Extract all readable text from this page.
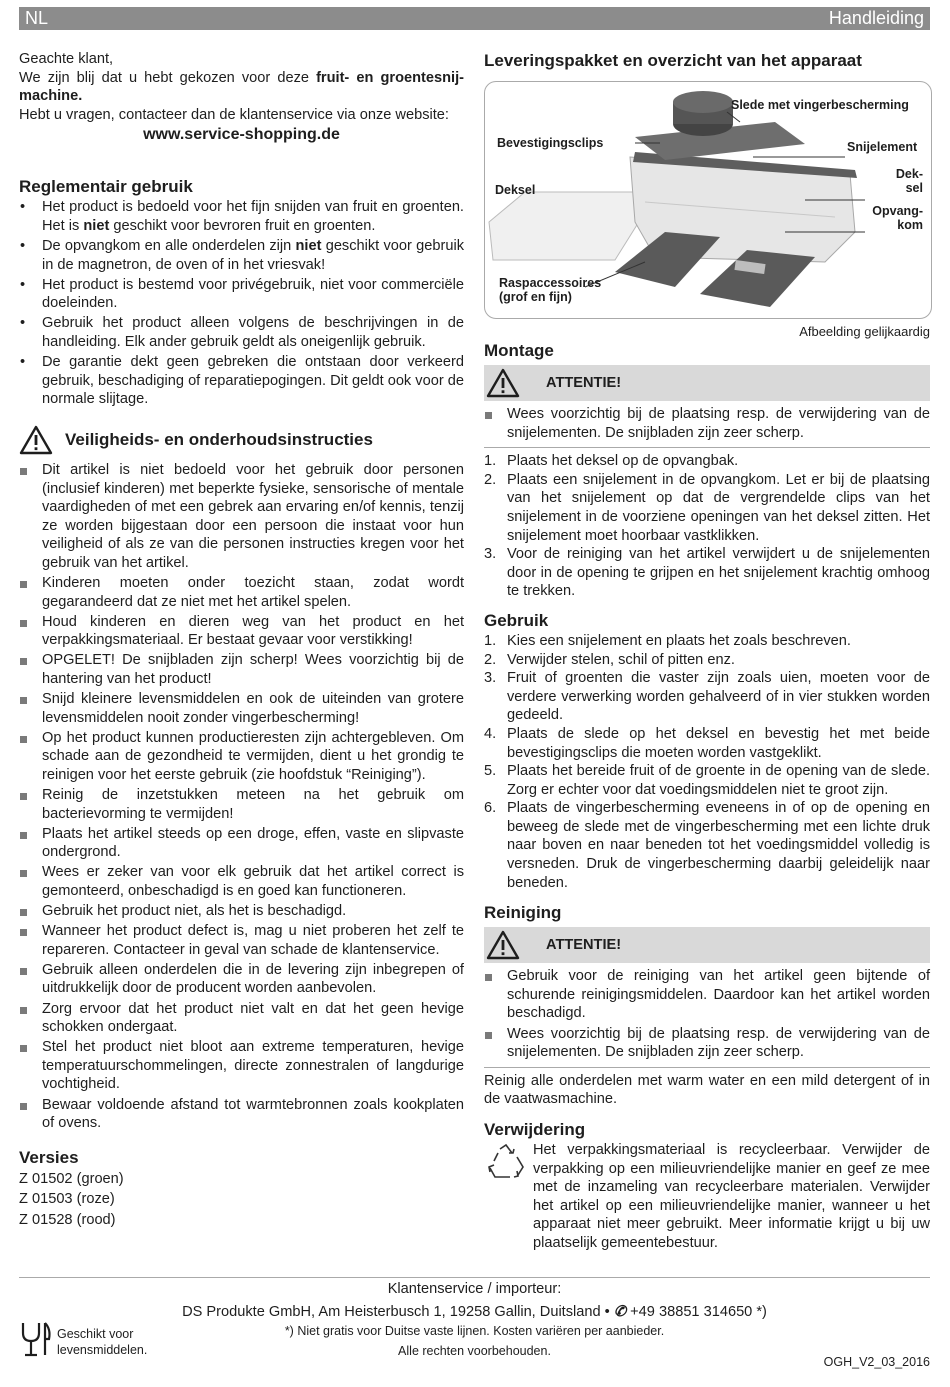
NL	Handleiding

Geachte klant,

We zijn blij dat u hebt gekozen voor deze fruit- en groentesnij-machine.

Hebt u vragen, contacteer dan de klantenservice via onze website:

www.service-shopping.de

Reglementair gebruik
• Het product is bedoeld voor het fijn snijden van fruit en groenten. Het is niet geschikt voor bevroren fruit en groenten.
• De opvangkom en alle onderdelen zijn niet geschikt voor gebruik in de magnetron, de oven of in het vriesvak!
• Het product is bestemd voor privégebruik, niet voor commerciële doeleinden.
• Gebruik het product alleen volgens de beschrijvingen in de handleiding. Elk ander gebruik geldt als oneigenlijk gebruik.
• De garantie dekt geen gebreken die ontstaan door verkeerd gebruik, beschadiging of reparatiepogingen. Dit geldt ook voor de normale slijtage.
Veiligheids- en onderhoudsinstructies
Dit artikel is niet bedoeld voor het gebruik door personen (inclusief kinderen) met beperkte fysieke, sensorische of mentale vaardigheden of met een gebrek aan ervaring en/of kennis, tenzij ze worden bijgestaan door een persoon die instaat voor hun veiligheid of als ze van die personen instructies kregen voor het gebruik van het artikel.
Kinderen moeten onder toezicht staan, zodat wordt gegarandeerd dat ze niet met het artikel spelen.
Houd kinderen en dieren weg van het product en het verpakkingsmateriaal. Er bestaat gevaar voor verstikking!
OPGELET! De snijbladen zijn scherp! Wees voorzichtig bij de hantering van het product!
Snijd kleinere levensmiddelen en ook de uiteinden van grotere levensmiddelen nooit zonder vingerbescherming!
Op het product kunnen productieresten zijn achtergebleven. Om schade aan de gezondheid te vermijden, dient u het grondig te reinigen voor het eerste gebruik (zie hoofdstuk “Reiniging”).
Reinig de inzetstukken meteen na het gebruik om bacterievorming te vermijden!
Plaats het artikel steeds op een droge, effen, vaste en slipvaste ondergrond.
Wees er zeker van voor elk gebruik dat het artikel correct is gemonteerd, onbeschadigd is en goed kan functioneren.
Gebruik het product niet, als het is beschadigd.
Wanneer het product defect is, mag u niet proberen het zelf te repareren. Contacteer in geval van schade de klantenservice.
Gebruik alleen onderdelen die in de levering zijn inbegrepen of uitdrukkelijk door de producent worden aanbevolen.
Zorg ervoor dat het product niet valt en dat het geen hevige schokken ondergaat.
Stel het product niet bloot aan extreme temperaturen, hevige temperatuurschommelingen, directe zonnestralen of langdurige vochtigheid.
Bewaar voldoende afstand tot warmtebronnen zoals kookplaten of ovens.
Versies

Z 01502 (groen)

Z 01503 (roze)

Z 01528 (rood)

Leveringspakket en overzicht van het apparaat
Slede met vingerbescherming
Bevestigingsclips	Snijelement
Deksel
Dek-
sel
Opvang-
kom
Raspaccessoires
(grof en fijn)
Afbeelding gelijkaardig
Montage
ATTENTIE!
Wees voorzichtig bij de plaatsing resp. de verwijdering van de snijelementen. De snijbladen zijn zeer scherp.
1. Plaats het deksel op de opvangbak.
2. Plaats een snijelement in de opvangkom. Let er bij de plaatsing van het snijelement op dat de vergrendelde clips van het snijelement in de voorziene openingen van het deksel zitten. Het snijelement moet hoorbaar vastklikken.
3. Voor de reiniging van het artikel verwijdert u de snijelementen door in de opening te grijpen en het snijelement krachtig omhoog te trekken.
Gebruik
1. Kies een snijelement en plaats het zoals beschreven.
2. Verwijder stelen, schil of pitten enz.
3. Fruit of groenten die vaster zijn zoals uien, moeten voor de verdere verwerking worden gehalveerd of in vier stukken worden gedeeld.
4. Plaats de slede op het deksel en bevestig het met beide bevestigingsclips die moeten worden vastgeklikt.
5. Plaats het bereide fruit of de groente in de opening van de slede. Zorg er echter voor dat voedingsmiddelen niet te groot zijn.
6. Plaats de vingerbescherming eveneens in of op de opening en beweeg de slede met de vingerbescherming met een lichte druk naar boven en naar beneden tot het voedingsmiddel volledig is versneden. Druk de vingerbescherming daarbij geleidelijk naar beneden.
Reiniging
ATTENTIE!
Gebruik voor de reiniging van het artikel geen bijtende of schurende reinigingsmiddelen. Daardoor kan het artikel worden beschadigd.
Wees voorzichtig bij de plaatsing resp. de verwijdering van de snijelementen. De snijbladen zijn zeer scherp.

Reinig alle onderdelen met warm water en een mild detergent of in de vaatwasmachine.

Verwijdering

Het verpakkingsmateriaal is recycleerbaar. Verwijder de verpakking op een milieuvriendelijke manier en geef ze mee met de inzameling van recycleerbare materialen. Verwijder het artikel op een milieuvriendelijke manier, wanneer u het apparaat niet meer gebruikt. Meer informatie krijgt u bij uw plaatselijk gemeentebestuur.

Klantenservice / importeur:
DS Produkte GmbH, Am Heisterbusch 1, 19258 Gallin, Duitsland • ✆ +49 38851 314650 *)
*) Niet gratis voor Duitse vaste lijnen. Kosten variëren per aanbieder.
Alle rechten voorbehouden.
Geschikt voor
levensmiddelen.
OGH_V2_03_2016
